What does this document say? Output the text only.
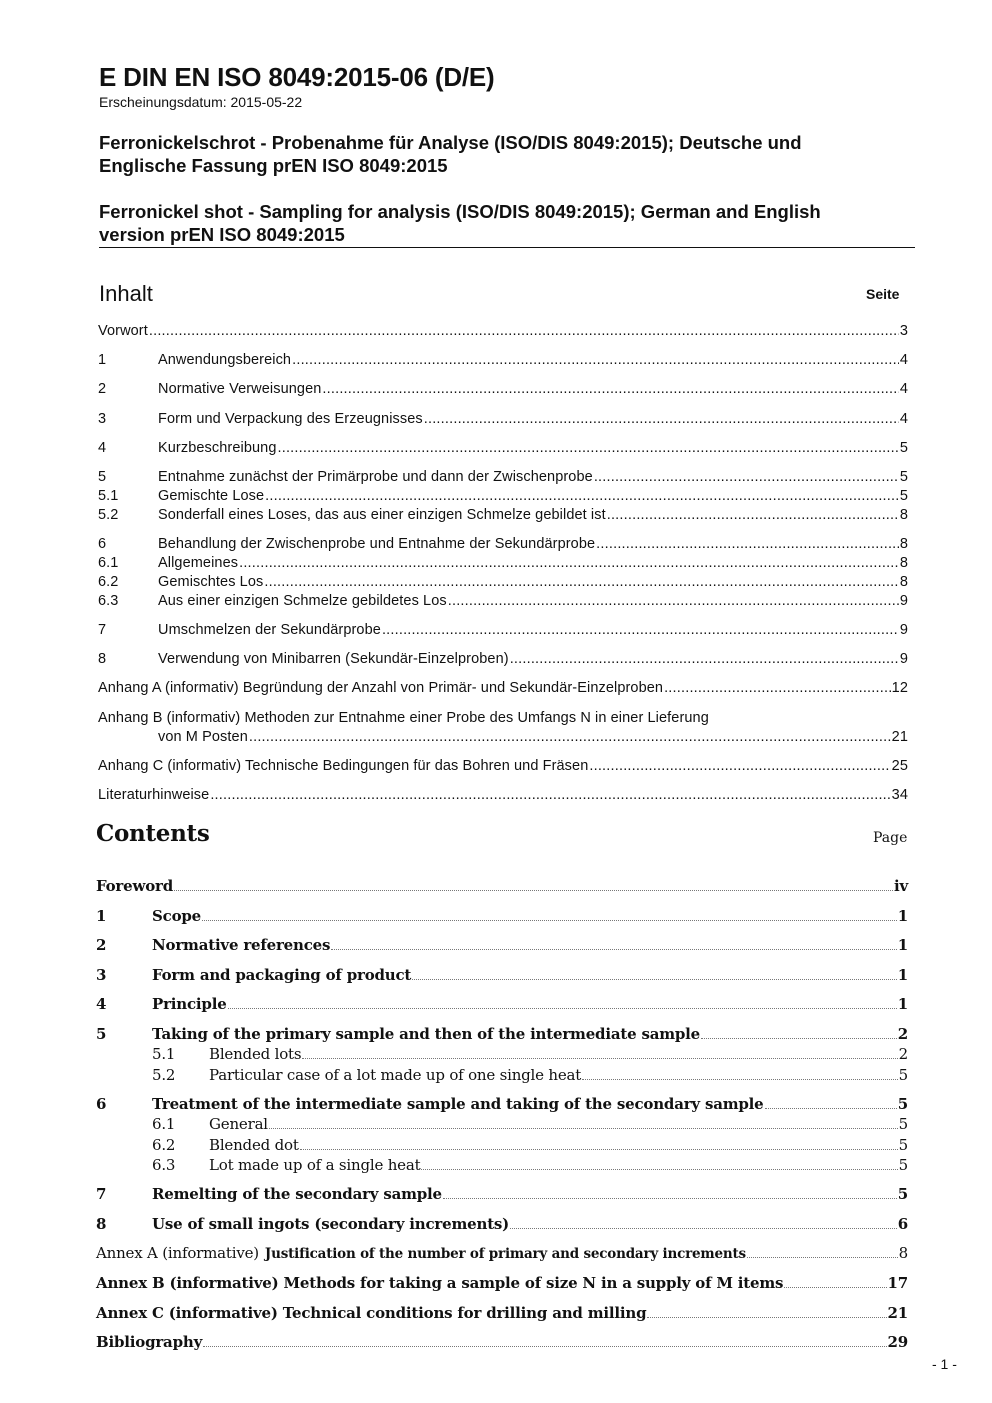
E DIN EN ISO 8049:2015-06 (D/E)
Erscheinungsdatum: 2015-05-22
Ferronickelschrot - Probenahme für Analyse (ISO/DIS 8049:2015); Deutsche und
Englische Fassung prEN ISO 8049:2015
Ferronickel shot - Sampling for analysis (ISO/DIS 8049:2015); German and English
version prEN ISO 8049:2015
Inhalt	Seite
Vorwort .....	3
1	Anwendungsbereich .....	4
2	Normative Verweisungen .....	4
3	Form und Verpackung des Erzeugnisses .....	4
4	Kurzbeschreibung .....	5
5	Entnahme zunächst der Primärprobe und dann der Zwischenprobe .....	5
5.1	Gemischte Lose .....	5
5.2	Sonderfall eines Loses, das aus einer einzigen Schmelze gebildet ist .....	8
6	Behandlung der Zwischenprobe und Entnahme der Sekundärprobe .....	8
6.1	Allgemeines .....	8
6.2	Gemischtes Los .....	8
6.3	Aus einer einzigen Schmelze gebildetes Los .....	9
7	Umschmelzen der Sekundärprobe .....	9
8	Verwendung von Minibarren (Sekundär-Einzelproben) .....	9
Anhang A (informativ) Begründung der Anzahl von Primär- und Sekundär-Einzelproben .....	12
Anhang B (informativ) Methoden zur Entnahme einer Probe des Umfangs N in einer Lieferung
von M Posten .....	21
Anhang C (informativ) Technische Bedingungen für das Bohren und Fräsen .....	25
Literaturhinweise .....	34
Contents	Page
Foreword	iv
1	Scope	1
2	Normative references	1
3	Form and packaging of product	1
4	Principle	1
5	Taking of the primary sample and then of the intermediate sample	2
5.1	Blended lots	2
5.2	Particular case of a lot made up of one single heat	5
6	Treatment of the intermediate sample and taking of the secondary sample	5
6.1	General	5
6.2	Blended dot	5
6.3	Lot made up of a single heat	5
7	Remelting of the secondary sample	5
8	Use of small ingots (secondary increments)	6
Annex A (informative) Justification of the number of primary and secondary increments	8
Annex B (informative) Methods for taking a sample of size N in a supply of M items	17
Annex C (informative) Technical conditions for drilling and milling	21
Bibliography	29
- 1 -
